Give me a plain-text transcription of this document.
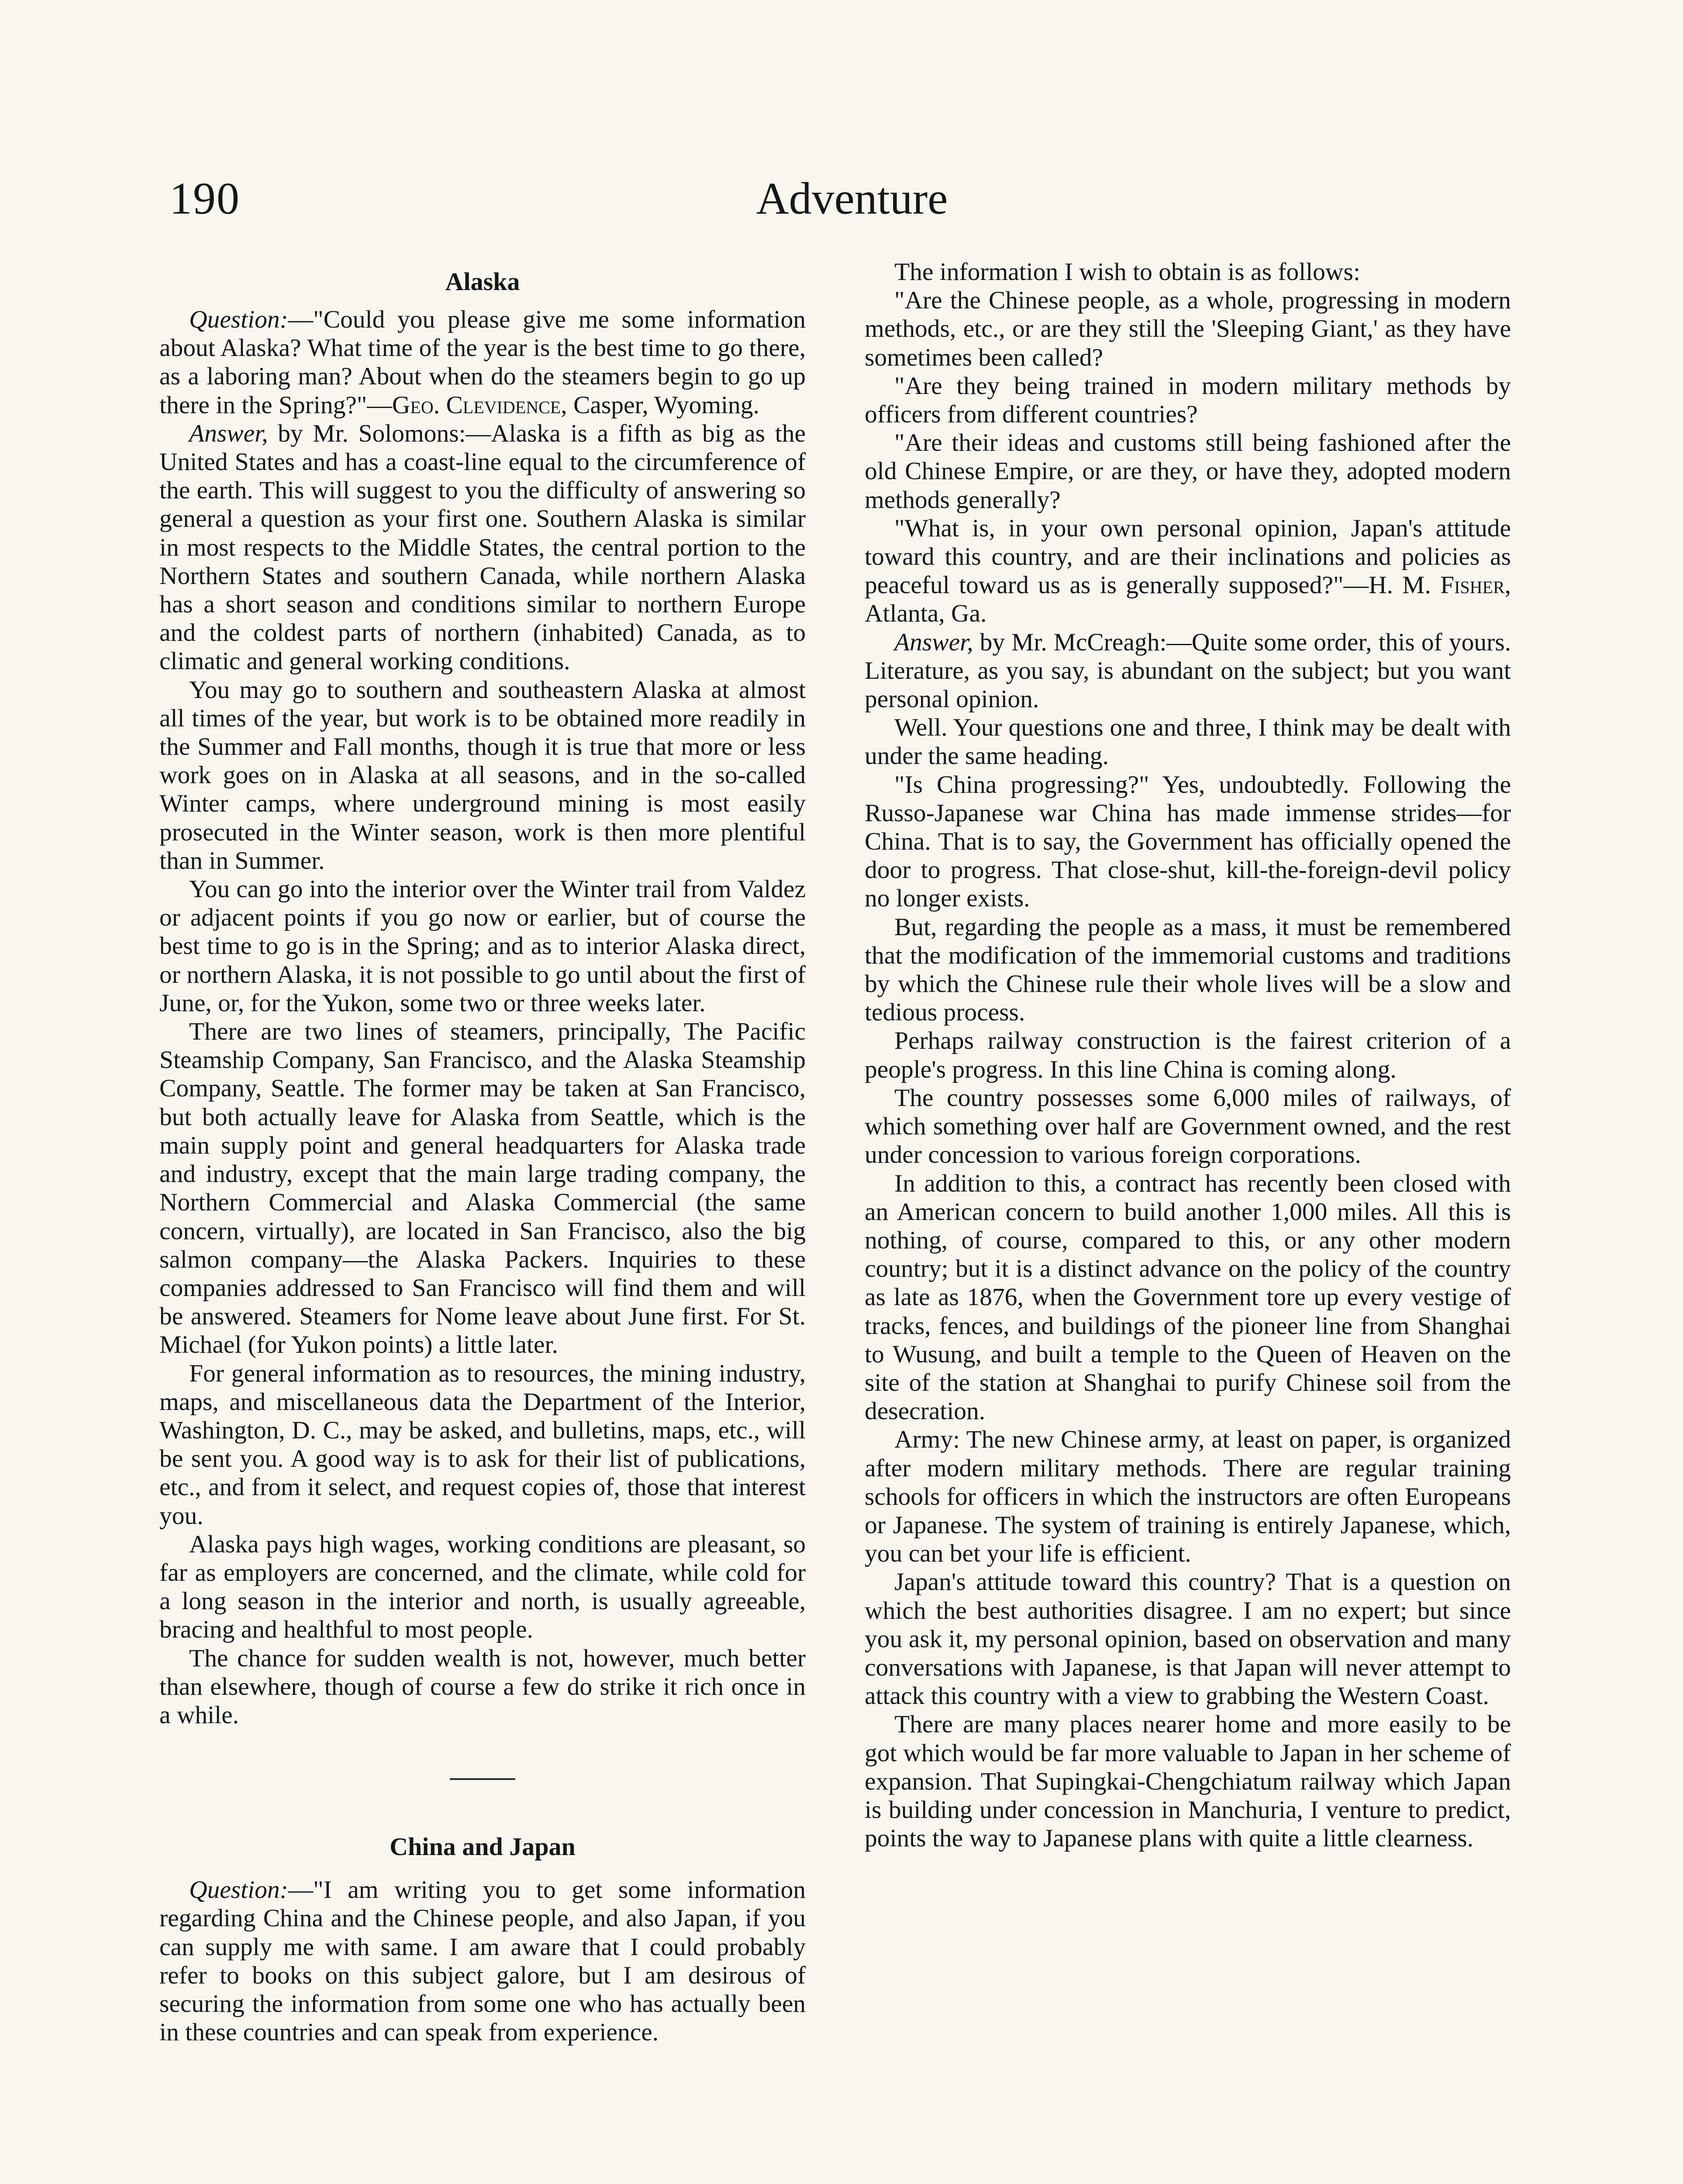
190	Adventure
Alaska

Question:—"Could you please give me some information about Alaska? What time of the year is the best time to go there, as a laboring man? About when do the steamers begin to go up there in the Spring?"—Geo. Clevidence, Casper, Wyoming.

Answer, by Mr. Solomons:—Alaska is a fifth as big as the United States and has a coast-line equal to the circumference of the earth. This will suggest to you the difficulty of answering so general a question as your first one. Southern Alaska is similar in most respects to the Middle States, the central portion to the Northern States and southern Canada, while northern Alaska has a short season and conditions similar to northern Europe and the coldest parts of northern (inhabited) Canada, as to climatic and general working conditions.

You may go to southern and southeastern Alaska at almost all times of the year, but work is to be obtained more readily in the Summer and Fall months, though it is true that more or less work goes on in Alaska at all seasons, and in the so-called Winter camps, where underground mining is most easily prosecuted in the Winter season, work is then more plentiful than in Summer.

You can go into the interior over the Winter trail from Valdez or adjacent points if you go now or earlier, but of course the best time to go is in the Spring; and as to interior Alaska direct, or northern Alaska, it is not possible to go until about the first of June, or, for the Yukon, some two or three weeks later.

There are two lines of steamers, principally, The Pacific Steamship Company, San Francisco, and the Alaska Steamship Company, Seattle. The former may be taken at San Francisco, but both actually leave for Alaska from Seattle, which is the main supply point and general headquarters for Alaska trade and industry, except that the main large trading company, the Northern Commercial and Alaska Commercial (the same concern, virtually), are located in San Francisco, also the big salmon company—the Alaska Packers. Inquiries to these companies addressed to San Francisco will find them and will be answered. Steamers for Nome leave about June first. For St. Michael (for Yukon points) a little later.

For general information as to resources, the mining industry, maps, and miscellaneous data the Department of the Interior, Washington, D. C., may be asked, and bulletins, maps, etc., will be sent you. A good way is to ask for their list of publications, etc., and from it select, and request copies of, those that interest you.

Alaska pays high wages, working conditions are pleasant, so far as employers are concerned, and the climate, while cold for a long season in the interior and north, is usually agreeable, bracing and healthful to most people.

The chance for sudden wealth is not, however, much better than elsewhere, though of course a few do strike it rich once in a while.

China and Japan

Question:—"I am writing you to get some information regarding China and the Chinese people, and also Japan, if you can supply me with same. I am aware that I could probably refer to books on this subject galore, but I am desirous of securing the information from some one who has actually been in these countries and can speak from experience.

The information I wish to obtain is as follows:

"Are the Chinese people, as a whole, progressing in modern methods, etc., or are they still the 'Sleeping Giant,' as they have sometimes been called?

"Are they being trained in modern military methods by officers from different countries?

"Are their ideas and customs still being fashioned after the old Chinese Empire, or are they, or have they, adopted modern methods generally?

"What is, in your own personal opinion, Japan's attitude toward this country, and are their inclinations and policies as peaceful toward us as is generally supposed?"—H. M. Fisher, Atlanta, Ga.

Answer, by Mr. McCreagh:—Quite some order, this of yours. Literature, as you say, is abundant on the subject; but you want personal opinion.

Well. Your questions one and three, I think may be dealt with under the same heading.

"Is China progressing?" Yes, undoubtedly. Following the Russo-Japanese war China has made immense strides—for China. That is to say, the Government has officially opened the door to progress. That close-shut, kill-the-foreign-devil policy no longer exists.

But, regarding the people as a mass, it must be remembered that the modification of the immemorial customs and traditions by which the Chinese rule their whole lives will be a slow and tedious process.

Perhaps railway construction is the fairest criterion of a people's progress. In this line China is coming along.

The country possesses some 6,000 miles of railways, of which something over half are Government owned, and the rest under concession to various foreign corporations.

In addition to this, a contract has recently been closed with an American concern to build another 1,000 miles. All this is nothing, of course, compared to this, or any other modern country; but it is a distinct advance on the policy of the country as late as 1876, when the Government tore up every vestige of tracks, fences, and buildings of the pioneer line from Shanghai to Wusung, and built a temple to the Queen of Heaven on the site of the station at Shanghai to purify Chinese soil from the desecration.

Army: The new Chinese army, at least on paper, is organized after modern military methods. There are regular training schools for officers in which the instructors are often Europeans or Japanese. The system of training is entirely Japanese, which, you can bet your life is efficient.

Japan's attitude toward this country? That is a question on which the best authorities disagree. I am no expert; but since you ask it, my personal opinion, based on observation and many conversations with Japanese, is that Japan will never attempt to attack this country with a view to grabbing the Western Coast.

There are many places nearer home and more easily to be got which would be far more valuable to Japan in her scheme of expansion. That Supingkai-Chengchiatum railway which Japan is building under concession in Manchuria, I venture to predict, points the way to Japanese plans with quite a little clearness.
